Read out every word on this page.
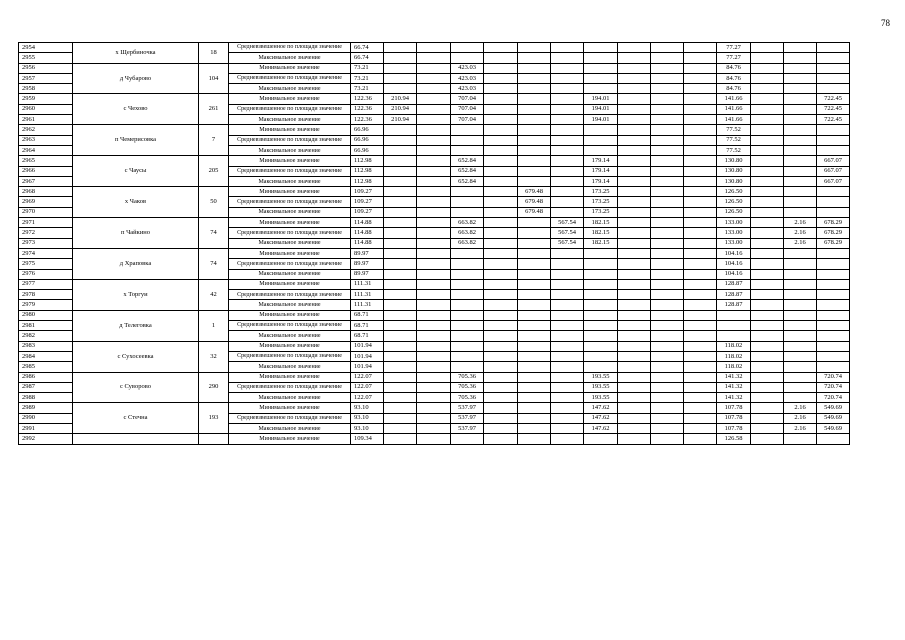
78
2954	х Щербиночка	18	Средневзвешенное по площади значение	66.74											77.27			
2955			Максимальное значение	66.74											77.27			
2956	д Чубарово	104	Минимальное значение	73.21			423.03								84.76			
2957			Средневзвешенное по площади значение	73.21			423.03								84.76			
2958			Максимальное значение	73.21			423.03								84.76			
2959	с Чехово	261	Минимальное значение	122.36	210.94		707.04				194.01				141.66			722.45
2960			Средневзвешенное по площади значение	122.36	210.94		707.04				194.01				141.66			722.45
2961			Максимальное значение	122.36	210.94		707.04				194.01				141.66			722.45
2962	п Чемерисовка	7	Минимальное значение	66.96											77.52			
2963			Средневзвешенное по площади значение	66.96											77.52			
2964			Максимальное значение	66.96											77.52			
2965	с Чаусы	205	Минимальное значение	112.98			652.84				179.14				130.80			667.07
2966			Средневзвешенное по площади значение	112.98			652.84				179.14				130.80			667.07
2967			Максимальное значение	112.98			652.84				179.14				130.80			667.07
2968	х Чаков	50	Минимальное значение	109.27					679.48		173.25				126.50			
2969			Средневзвешенное по площади значение	109.27					679.48		173.25				126.50			
2970			Максимальное значение	109.27					679.48		173.25				126.50			
2971	п Чайкино	74	Минимальное значение	114.88			663.82			567.54	182.15				133.00		2.16	678.29
2972			Средневзвешенное по площади значение	114.88			663.82			567.54	182.15				133.00		2.16	678.29
2973			Максимальное значение	114.88			663.82			567.54	182.15				133.00		2.16	678.29
2974	д Храповка	74	Минимальное значение	89.97											104.16			
2975			Средневзвешенное по площади значение	89.97											104.16			
2976			Максимальное значение	89.97											104.16			
2977	х Торгуи	42	Минимальное значение	111.31											128.87			
2978			Средневзвешенное по площади значение	111.31											128.87			
2979			Максимальное значение	111.31											128.87			
2980	д Телеговка	1	Минимальное значение	68.71														
2981			Средневзвешенное по площади значение	68.71														
2982			Максимальное значение	68.71														
2983	с Сухосеевка	32	Минимальное значение	101.94											118.02			
2984			Средневзвешенное по площади значение	101.94											118.02			
2985			Максимальное значение	101.94											118.02			
2986	с Суворово	290	Минимальное значение	122.07			705.36				193.55				141.32			720.74
2987			Средневзвешенное по площади значение	122.07			705.36				193.55				141.32			720.74
2988			Максимальное значение	122.07			705.36				193.55				141.32			720.74
2989	с Стечна	193	Минимальное значение	93.10			537.97				147.62				107.78		2.16	549.69
2990			Средневзвешенное по площади значение	93.10			537.97				147.62				107.78		2.16	549.69
2991			Максимальное значение	93.10			537.97				147.62				107.78		2.16	549.69
2992			Минимальное значение	109.34											126.58			
